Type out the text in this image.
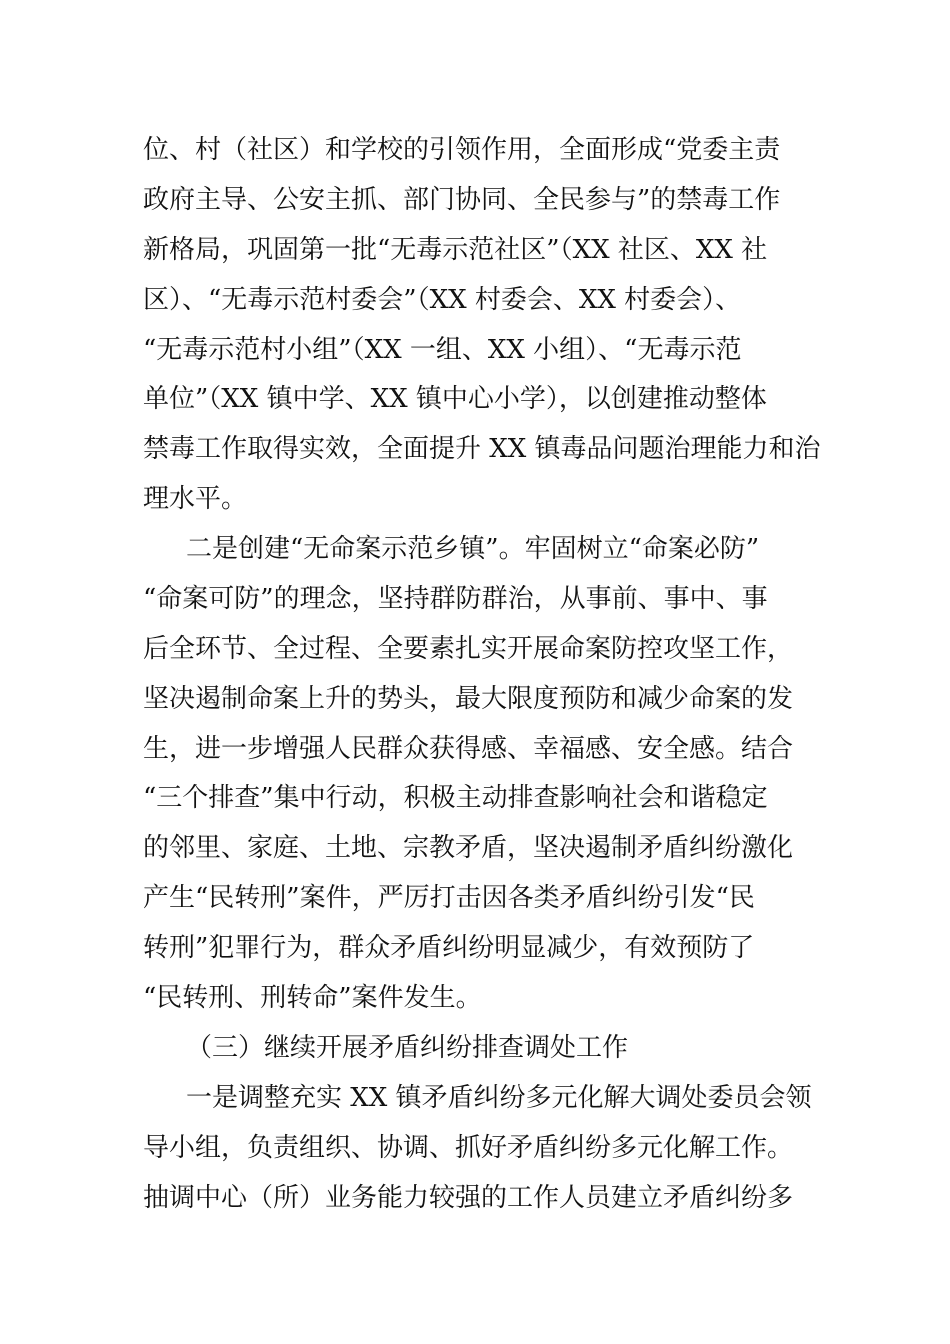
位、村（社区）和学校的引领作用，全面形成“党委主责
政府主导、公安主抓、部门协同、全民参与”的禁毒工作
新格局，巩固第一批“无毒示范社区”（XX 社区、XX 社
区）、“无毒示范村委会”（XX 村委会、XX 村委会）、
“无毒示范村小组”（XX 一组、XX 小组）、“无毒示范
单位”（XX 镇中学、XX 镇中心小学），以创建推动整体
禁毒工作取得实效，全面提升 XX 镇毒品问题治理能力和治
理水平。
二是创建“无命案示范乡镇”。牢固树立“命案必防”
“命案可防”的理念，坚持群防群治，从事前、事中、事
后全环节、全过程、全要素扎实开展命案防控攻坚工作，
坚决遏制命案上升的势头，最大限度预防和减少命案的发
生，进一步增强人民群众获得感、幸福感、安全感。结合
“三个排查”集中行动，积极主动排查影响社会和谐稳定
的邻里、家庭、土地、宗教矛盾，坚决遏制矛盾纠纷激化
产生“民转刑”案件，严厉打击因各类矛盾纠纷引发“民
转刑”犯罪行为，群众矛盾纠纷明显减少，有效预防了
“民转刑、刑转命”案件发生。
（三）继续开展矛盾纠纷排查调处工作
一是调整充实 XX 镇矛盾纠纷多元化解大调处委员会领
导小组，负责组织、协调、抓好矛盾纠纷多元化解工作。
抽调中心（所）业务能力较强的工作人员建立矛盾纠纷多
